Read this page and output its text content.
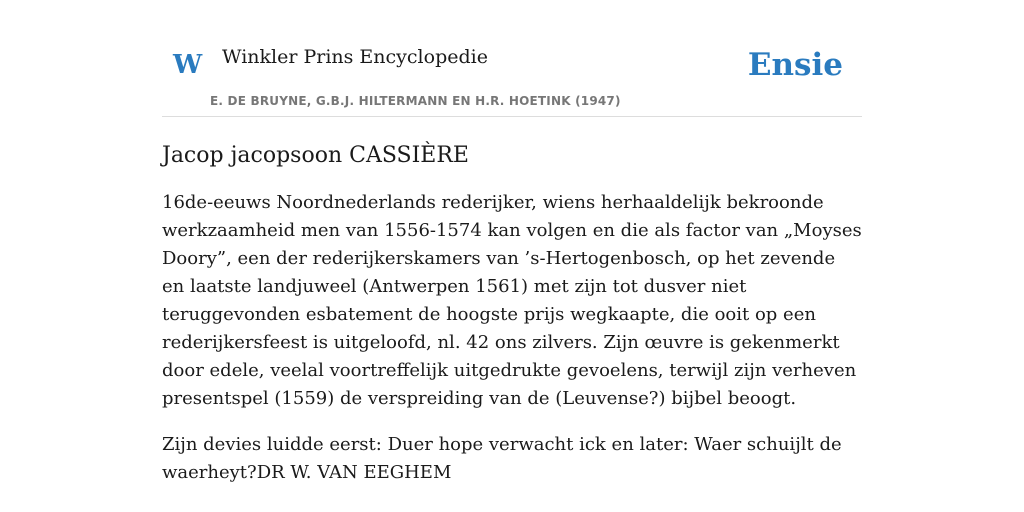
W Winkler Prins Encyclopedie
E. DE BRUYNE, G.B.J. HILTERMANN EN H.R. HOETINK (1947)
Ensie
Jacop jacopsoon CASSIÈRE

16de-eeuws Noordnederlands rederijker, wiens herhaaldelijk bekroonde werkzaamheid men van 1556-1574 kan volgen en die als factor van „Moyses Doory”, een der rederijkerskamers van ’s-Hertogenbosch, op het zevende en laatste landjuweel (Antwerpen 1561) met zijn tot dusver niet teruggevonden esbatement de hoogste prijs wegkaapte, die ooit op een rederijkersfeest is uitgeloofd, nl. 42 ons zilvers. Zijn œuvre is gekenmerkt door edele, veelal voortreffelijk uitgedrukte gevoelens, terwijl zijn verheven presentspel (1559) de verspreiding van de (Leuvense?) bijbel beoogt.

Zijn devies luidde eerst: Duer hope verwacht ick en later: Waer schuijlt de waerheyt?DR W. VAN EEGHEM
